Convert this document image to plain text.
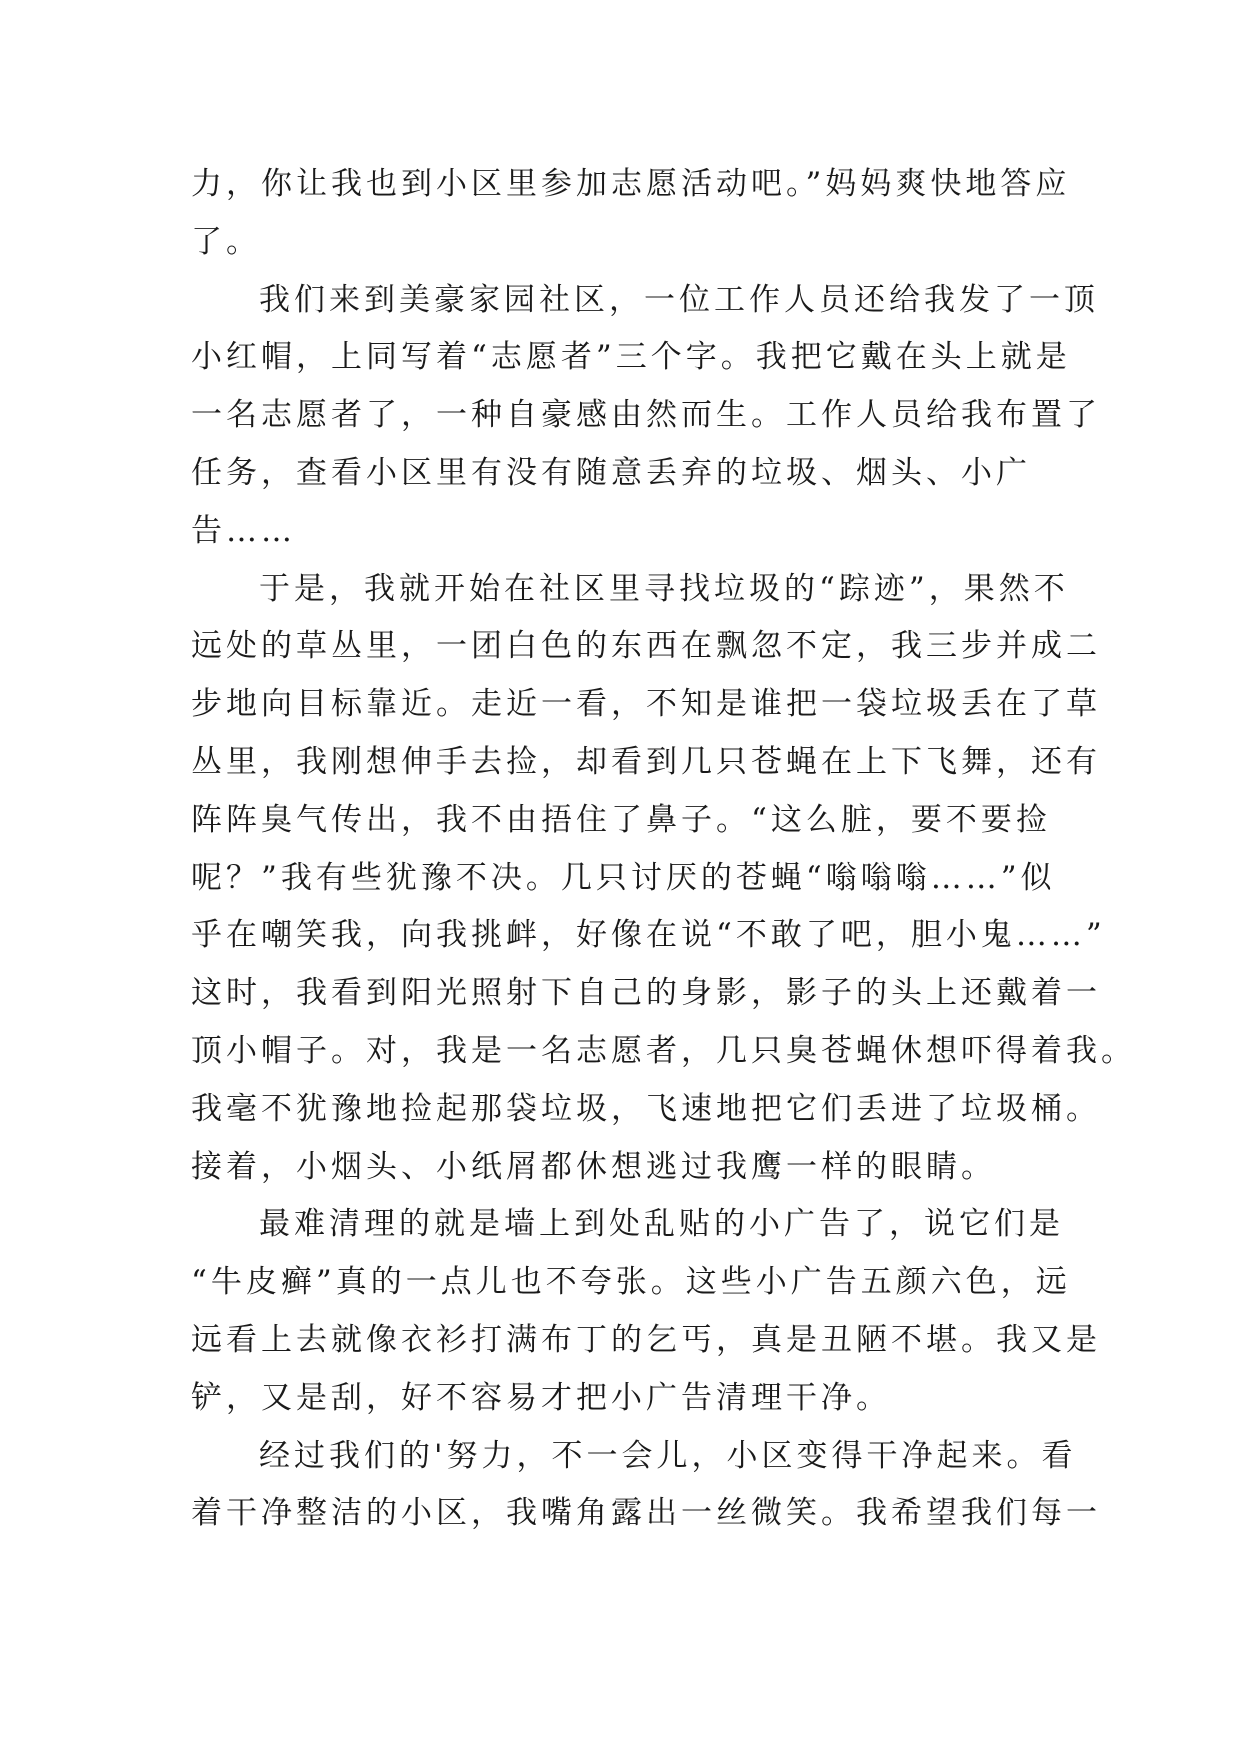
力，你让我也到小区里参加志愿活动吧。”妈妈爽快地答应
了。
我们来到美豪家园社区，一位工作人员还给我发了一顶
小红帽，上同写着“志愿者”三个字。我把它戴在头上就是
一名志愿者了，一种自豪感由然而生。工作人员给我布置了
任务，查看小区里有没有随意丢弃的垃圾、烟头、小广
告……
于是，我就开始在社区里寻找垃圾的“踪迹”，果然不
远处的草丛里，一团白色的东西在飘忽不定，我三步并成二
步地向目标靠近。走近一看，不知是谁把一袋垃圾丢在了草
丛里，我刚想伸手去捡，却看到几只苍蝇在上下飞舞，还有
阵阵臭气传出，我不由捂住了鼻子。“这么脏，要不要捡
呢？”我有些犹豫不决。几只讨厌的苍蝇“嗡嗡嗡……”似
乎在嘲笑我，向我挑衅，好像在说“不敢了吧，胆小鬼……”
这时，我看到阳光照射下自己的身影，影子的头上还戴着一
顶小帽子。对，我是一名志愿者，几只臭苍蝇休想吓得着我。
我毫不犹豫地捡起那袋垃圾，飞速地把它们丢进了垃圾桶。
接着，小烟头、小纸屑都休想逃过我鹰一样的眼睛。
最难清理的就是墙上到处乱贴的小广告了，说它们是
“牛皮癣”真的一点儿也不夸张。这些小广告五颜六色，远
远看上去就像衣衫打满布丁的乞丐，真是丑陋不堪。我又是
铲，又是刮，好不容易才把小广告清理干净。
经过我们的'努力，不一会儿，小区变得干净起来。看
着干净整洁的小区，我嘴角露出一丝微笑。我希望我们每一
